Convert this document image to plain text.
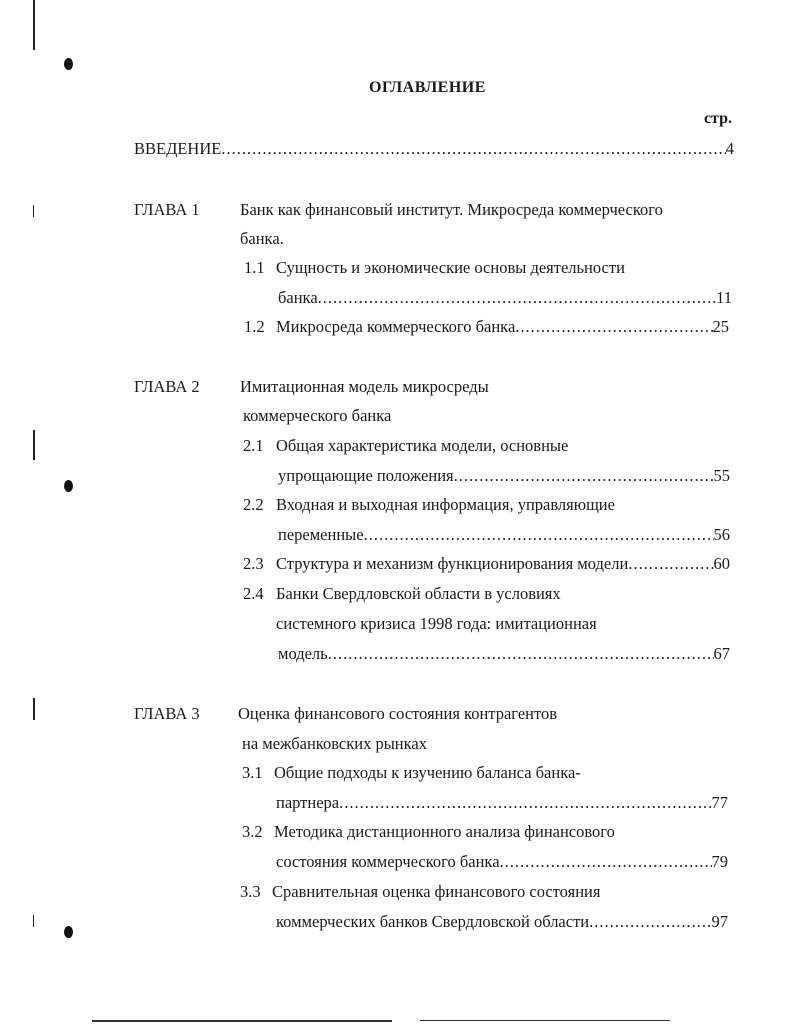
ОГЛАВЛЕНИЕ
стр.
ВВЕДЕНИЕ .....	4
ГЛАВА 1 Банк как финансовый институт. Микросреда коммерческого
банка.
1.1 Сущность и экономические основы деятельности
банка .....	11
1.2 Микросреда коммерческого банка .....	25
ГЛАВА 2 Имитационная модель микросреды
коммерческого банка
2.1 Общая характеристика модели, основные
упрощающие положения .....	55
2.2 Входная и выходная информация, управляющие
переменные .....	56
2.3 Структура и механизм функционирования модели .....	60
2.4 Банки Свердловской области в условиях
системного кризиса 1998 года: имитационная
модель .....	67
ГЛАВА 3 Оценка финансового состояния контрагентов
на межбанковских рынках
3.1 Общие подходы к изучению баланса банка-
партнера .....	77
3.2 Методика дистанционного анализа финансового
состояния коммерческого банка .....	79
3.3 Сравнительная оценка финансового состояния
коммерческих банков Свердловской области .....	97
